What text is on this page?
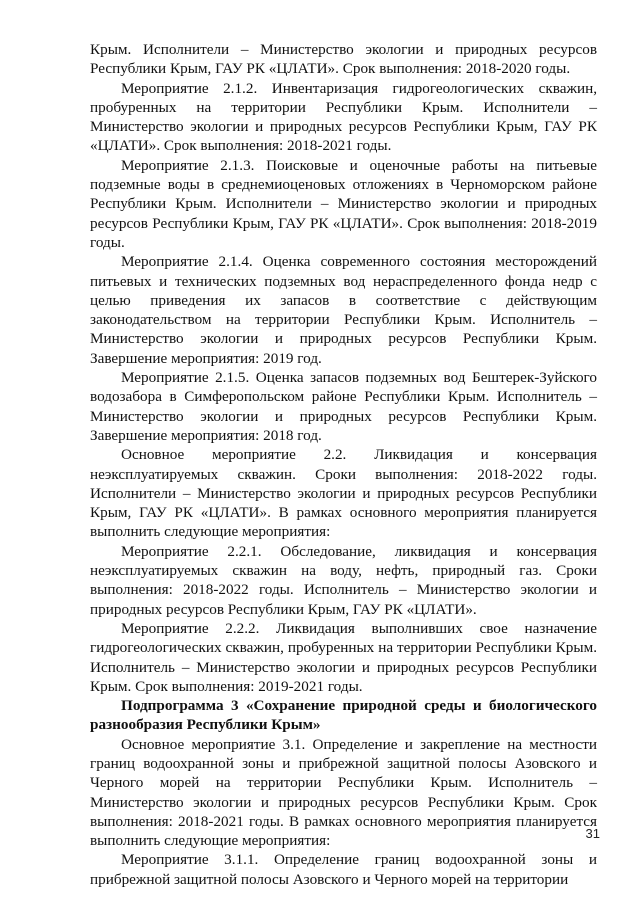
Крым. Исполнители – Министерство экологии и природных ресурсов Республики Крым, ГАУ РК «ЦЛАТИ». Срок выполнения: 2018-2020 годы.

Мероприятие 2.1.2. Инвентаризация гидрогеологических скважин, пробуренных на территории Республики Крым. Исполнители – Министерство экологии и природных ресурсов Республики Крым, ГАУ РК «ЦЛАТИ». Срок выполнения: 2018-2021 годы.

Мероприятие 2.1.3. Поисковые и оценочные работы на питьевые подземные воды в среднемиоценовых отложениях в Черноморском районе Республики Крым. Исполнители – Министерство экологии и природных ресурсов Республики Крым, ГАУ РК «ЦЛАТИ». Срок выполнения: 2018-2019 годы.

Мероприятие 2.1.4. Оценка современного состояния месторождений питьевых и технических подземных вод нераспределенного фонда недр с целью приведения их запасов в соответствие с действующим законодательством на территории Республики Крым. Исполнитель – Министерство экологии и природных ресурсов Республики Крым. Завершение мероприятия: 2019 год.

Мероприятие 2.1.5. Оценка запасов подземных вод Бештерек-Зуйского водозабора в Симферопольском районе Республики Крым. Исполнитель – Министерство экологии и природных ресурсов Республики Крым. Завершение мероприятия: 2018 год.

Основное мероприятие 2.2. Ликвидация и консервация неэксплуатируемых скважин. Сроки выполнения: 2018-2022 годы. Исполнители – Министерство экологии и природных ресурсов Республики Крым, ГАУ РК «ЦЛАТИ». В рамках основного мероприятия планируется выполнить следующие мероприятия:

Мероприятие 2.2.1. Обследование, ликвидация и консервация неэксплуатируемых скважин на воду, нефть, природный газ. Сроки выполнения: 2018-2022 годы. Исполнитель – Министерство экологии и природных ресурсов Республики Крым, ГАУ РК «ЦЛАТИ».

Мероприятие 2.2.2. Ликвидация выполнивших свое назначение гидрогеологических скважин, пробуренных на территории Республики Крым. Исполнитель – Министерство экологии и природных ресурсов Республики Крым. Срок выполнения: 2019-2021 годы.

Подпрограмма 3 «Сохранение природной среды и биологического разнообразия Республики Крым»

Основное мероприятие 3.1. Определение и закрепление на местности границ водоохранной зоны и прибрежной защитной полосы Азовского и Черного морей на территории Республики Крым. Исполнитель – Министерство экологии и природных ресурсов Республики Крым. Срок выполнения: 2018-2021 годы. В рамках основного мероприятия планируется выполнить следующие мероприятия:

Мероприятие 3.1.1. Определение границ водоохранной зоны и прибрежной защитной полосы Азовского и Черного морей на территории

31
